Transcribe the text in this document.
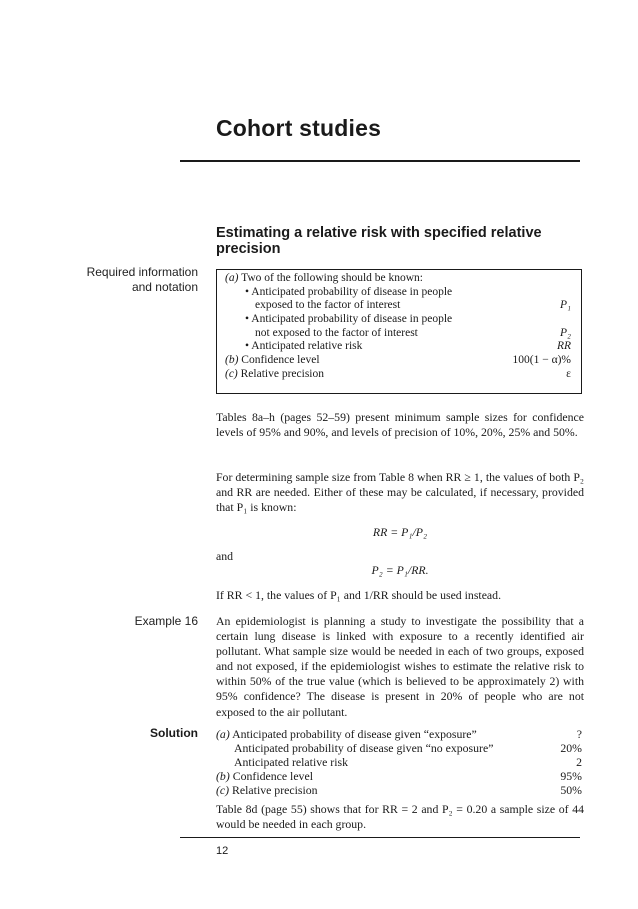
Cohort studies
Estimating a relative risk with specified relative precision
Required information
and notation
(a) Two of the following should be known:
• Anticipated probability of disease in people
exposed to the factor of interest	P₁
• Anticipated probability of disease in people
not exposed to the factor of interest	P₂
• Anticipated relative risk	RR
(b) Confidence level	100(1 − α)%
(c) Relative precision	ε
Tables 8a–h (pages 52–59) present minimum sample sizes for confidence levels of 95% and 90%, and levels of precision of 10%, 20%, 25% and 50%.
For determining sample size from Table 8 when RR ≥ 1, the values of both P₂ and RR are needed. Either of these may be calculated, if necessary, provided that P₁ is known:
RR = P₁/P₂
and
P₂ = P₁/RR.
If RR < 1, the values of P₁ and 1/RR should be used instead.
Example 16 An epidemiologist is planning a study to investigate the possibility that a certain lung disease is linked with exposure to a recently identified air pollutant. What sample size would be needed in each of two groups, exposed and not exposed, if the epidemiologist wishes to estimate the relative risk to within 50% of the true value (which is believed to be approximately 2) with 95% confidence? The disease is present in 20% of people who are not exposed to the air pollutant.
Solution (a) Anticipated probability of disease given “exposure”	?
Anticipated probability of disease given “no exposure”	20%
Anticipated relative risk	2
(b) Confidence level	95%
(c) Relative precision	50%
Table 8d (page 55) shows that for RR = 2 and P₂ = 0.20 a sample size of 44 would be needed in each group.
12
